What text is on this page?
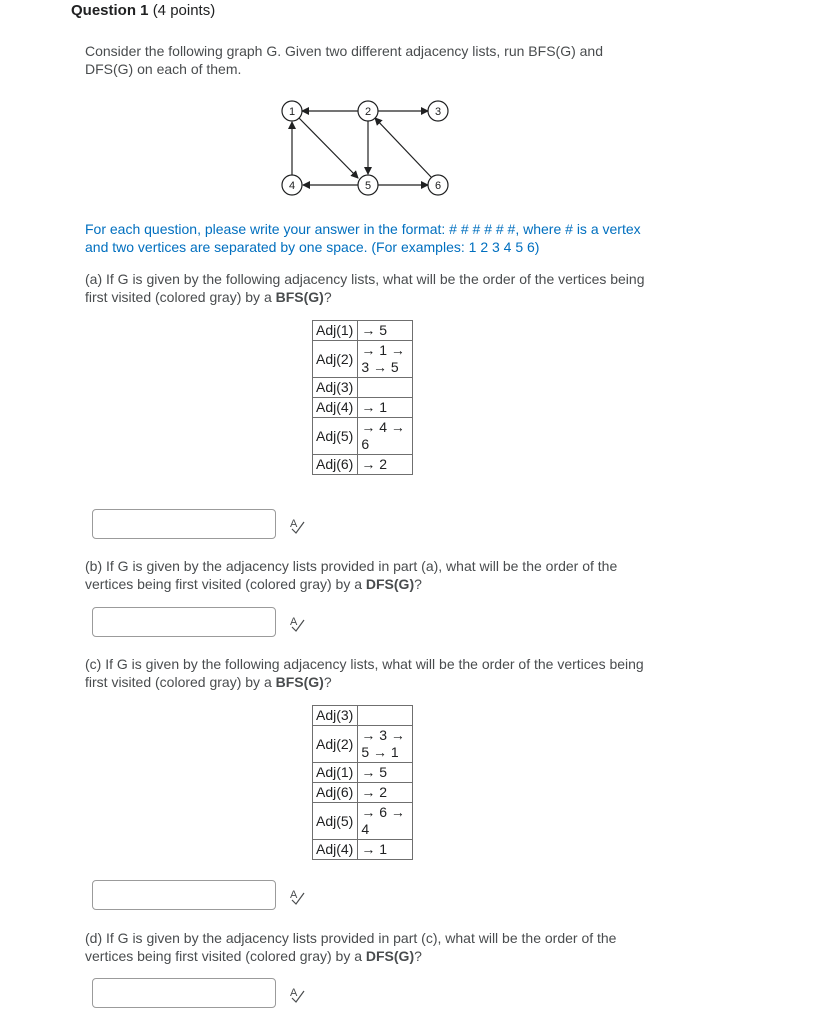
Question 1 (4 points)
Consider the following graph G. Given two different adjacency lists, run BFS(G) and DFS(G) on each of them.
1	2	3
4	5	6
For each question, please write your answer in the format: # # # # # #, where # is a vertex and two vertices are separated by one space. (For examples: 1 2 3 4 5 6)
(a) If G is given by the following adjacency lists, what will be the order of the vertices being first visited (colored gray) by a BFS(G)?
Adj(1)	→ 5

Adj(2)	→ 1 →
3 → 5

Adj(3)	
Adj(4)	→ 1

Adj(5)	→ 4 →
6

Adj(6)	→ 2
A
(b) If G is given by the adjacency lists provided in part (a), what will be the order of the vertices being first visited (colored gray) by a DFS(G)?
A
(c) If G is given by the following adjacency lists, what will be the order of the vertices being first visited (colored gray) by a BFS(G)?
Adj(3)	
Adj(2)	→ 3 →
5 → 1

Adj(1)	→ 5

Adj(6)	→ 2

Adj(5)	→ 6 →
4

Adj(4)	→ 1
A
(d) If G is given by the adjacency lists provided in part (c), what will be the order of the vertices being first visited (colored gray) by a DFS(G)?
A
